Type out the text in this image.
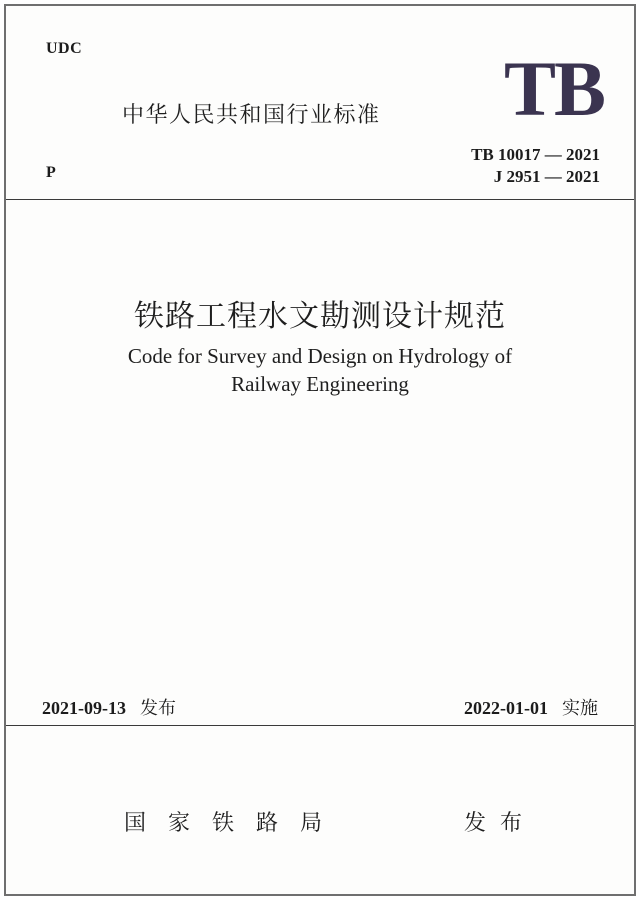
UDC
中华人民共和国行业标准 TB
TB 10017 — 2021
J 2951 — 2021
P
铁路工程水文勘测设计规范
Code for Survey and Design on Hydrology of
Railway Engineering
2021-09-13 发布	2022-01-01 实施
国家铁路局	发布
